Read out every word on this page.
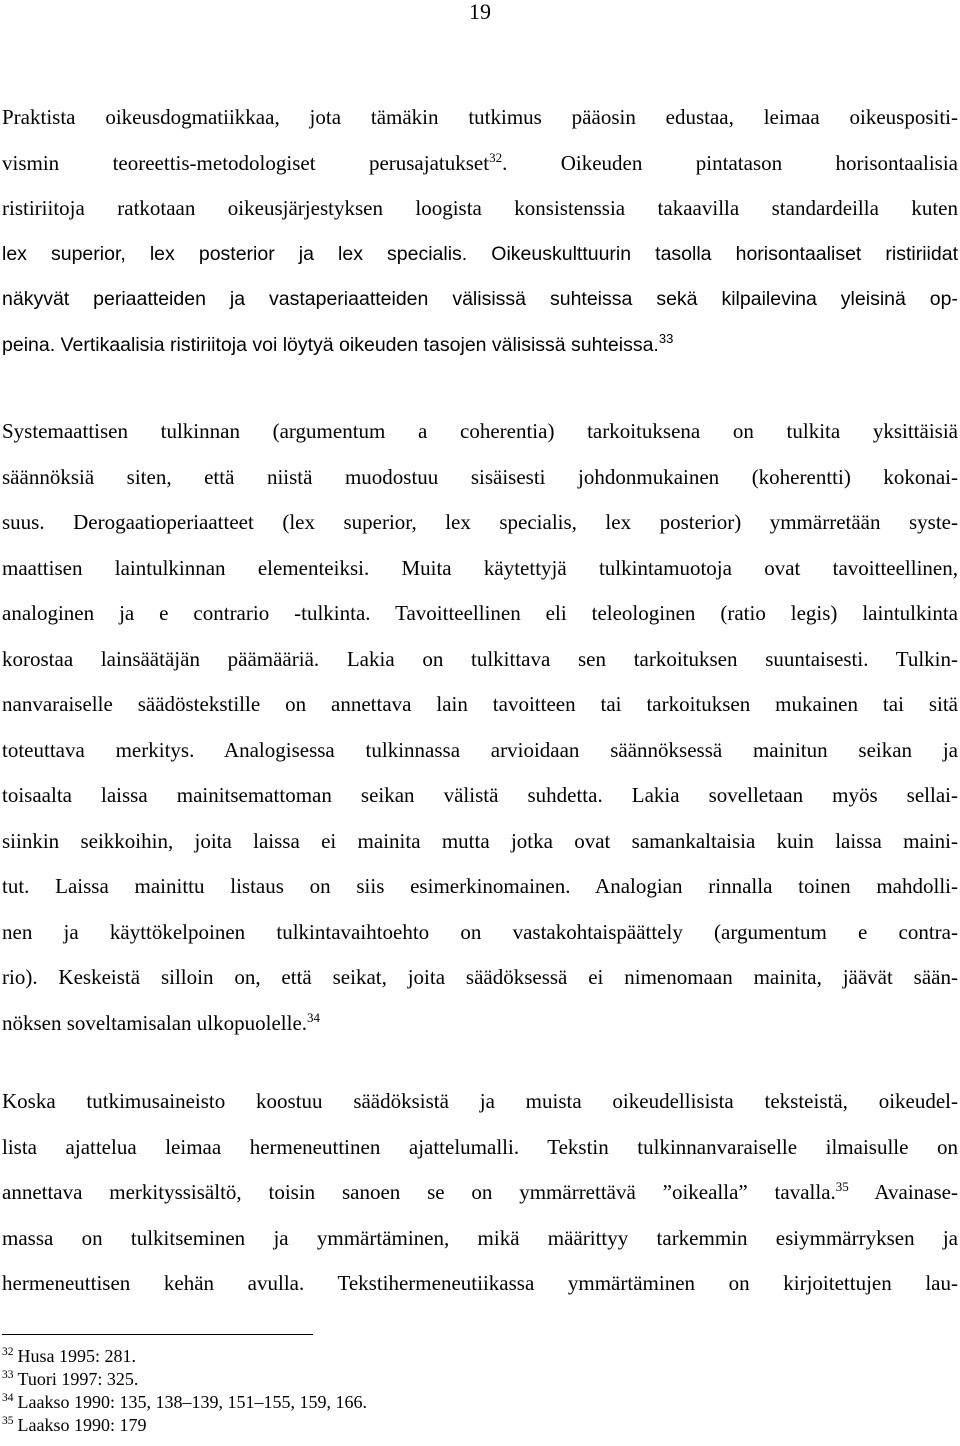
19
Praktista oikeusdogmatiikkaa, jota tämäkin tutkimus pääosin edustaa, leimaa oikeuspositi-
vismin teoreettis-metodologiset perusajatukset$^{32}$. Oikeuden pintatason horisontaalisia
ristiriitoja ratkotaan oikeusjärjestyksen loogista konsistenssia takaavilla standardeilla kuten
lex superior, lex posterior ja lex specialis. Oikeuskulttuurin tasolla horisontaaliset ristiriidat
näkyvät periaatteiden ja vastaperiaatteiden välisissä suhteissa sekä kilpailevina yleisinä op-
peina. Vertikaalisia ristiriitoja voi löytyä oikeuden tasojen välisissä suhteissa.$^{33}$
Systemaattisen tulkinnan (argumentum a coherentia) tarkoituksena on tulkita yksittäisiä
säännöksiä siten, että niistä muodostuu sisäisesti johdonmukainen (koherentti) kokonai-
suus. Derogaatioperiaatteet (lex superior, lex specialis, lex posterior) ymmärretään syste-
maattisen laintulkinnan elementeiksi. Muita käytettyjä tulkintamuotoja ovat tavoitteellinen,
analoginen ja e contrario -tulkinta. Tavoitteellinen eli teleologinen (ratio legis) laintulkinta
korostaa lainsäätäjän päämääriä. Lakia on tulkittava sen tarkoituksen suuntaisesti. Tulkin-
nanvaraiselle säädöstekstille on annettava lain tavoitteen tai tarkoituksen mukainen tai sitä
toteuttava merkitys. Analogisessa tulkinnassa arvioidaan säännöksessä mainitun seikan ja
toisaalta laissa mainitsemattoman seikan välistä suhdetta. Lakia sovelletaan myös sellai-
siinkin seikkoihin, joita laissa ei mainita mutta jotka ovat samankaltaisia kuin laissa maini-
tut. Laissa mainittu listaus on siis esimerkinomainen. Analogian rinnalla toinen mahdolli-
nen ja käyttökelpoinen tulkintavaihtoehto on vastakohtaispäättely (argumentum e contra-
rio). Keskeistä silloin on, että seikat, joita säädöksessä ei nimenomaan mainita, jäävät sään-
nöksen soveltamisalan ulkopuolelle.$^{34}$
Koska tutkimusaineisto koostuu säädöksistä ja muista oikeudellisista teksteistä, oikeudel-
lista ajattelua leimaa hermeneuttinen ajattelumalli. Tekstin tulkinnanvaraiselle ilmaisulle on
annettava merkityssisältö, toisin sanoen se on ymmärrettävä ”oikealla” tavalla.$^{35}$ Avainase-
massa on tulkitseminen ja ymmärtäminen, mikä määrittyy tarkemmin esiymmärryksen ja
hermeneuttisen kehän avulla. Tekstihermeneutiikassa ymmärtäminen on kirjoitettujen lau-
$^{32}$ Husa 1995: 281.
$^{33}$ Tuori 1997: 325.
$^{34}$ Laakso 1990: 135, 138–139, 151–155, 159, 166.
$^{35}$ Laakso 1990: 179
